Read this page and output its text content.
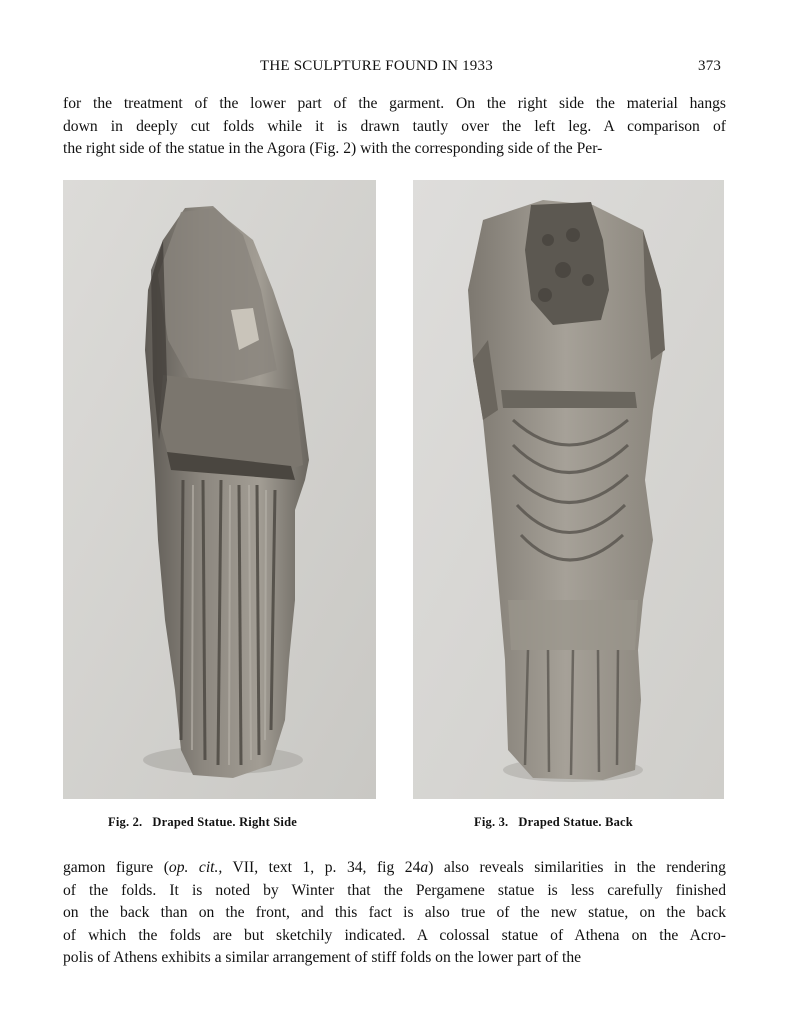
THE SCULPTURE FOUND IN 1933	373
for the treatment of the lower part of the garment. On the right side the material hangs
down in deeply cut folds while it is drawn tautly over the left leg. A comparison of
the right side of the statue in the Agora (Fig. 2) with the corresponding side of the Per-
Fig. 2. Draped Statue. Right Side	Fig. 3. Draped Statue. Back
gamon figure (op. cit., VII, text 1, p. 34, fig 24a) also reveals similarities in the rendering
of the folds. It is noted by Winter that the Pergamene statue is less carefully finished
on the back than on the front, and this fact is also true of the new statue, on the back
of which the folds are but sketchily indicated. A colossal statue of Athena on the Acro-
polis of Athens exhibits a similar arrangement of stiff folds on the lower part of the
